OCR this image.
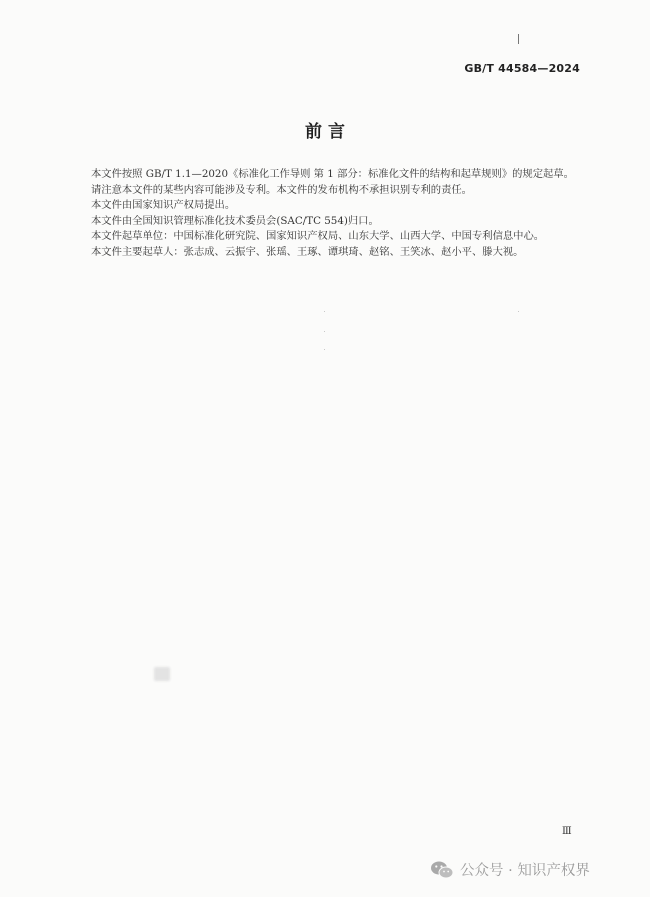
GB/T 44584—2024
前 言

本文件按照 GB/T 1.1—2020《标准化工作导则 第 1 部分：标准化文件的结构和起草规则》的规定起草。

请注意本文件的某些内容可能涉及专利。本文件的发布机构不承担识别专利的责任。

本文件由国家知识产权局提出。

本文件由全国知识管理标准化技术委员会(SAC/TC 554)归口。

本文件起草单位：中国标准化研究院、国家知识产权局、山东大学、山西大学、中国专利信息中心。

本文件主要起草人：张志成、云振宇、张瑶、王琢、谭琪琦、赵铭、王笑冰、赵小平、滕大视。

Ⅲ
公众号 · 知识产权界
